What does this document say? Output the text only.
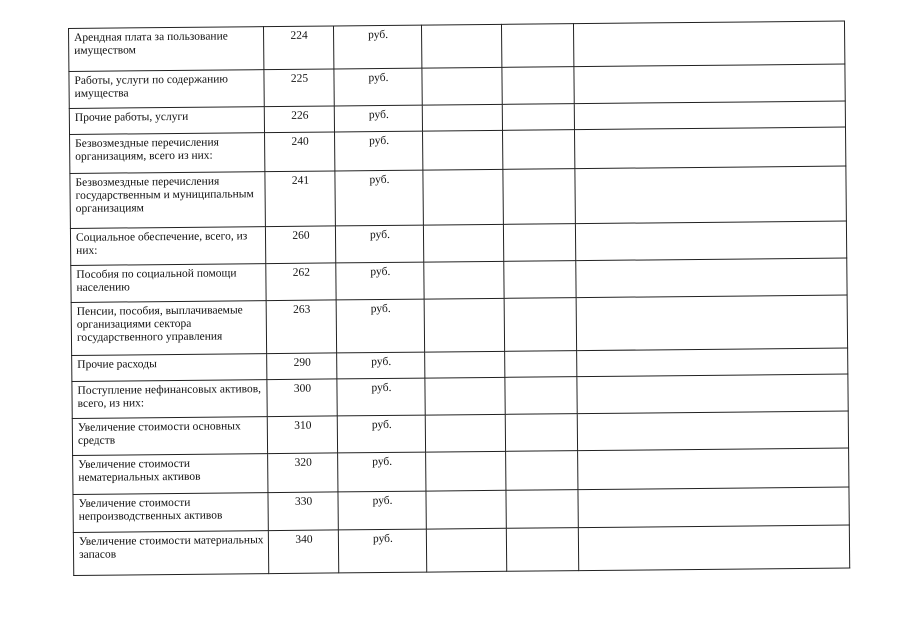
Арендная плата за пользование имуществом	224	руб.			
Работы, услуги по содержанию имущества	225	руб.			
Прочие работы, услуги	226	руб.			
Безвозмездные перечисления организациям, всего из них:	240	руб.			
Безвозмездные перечисления государственным и муниципальным организациям	241	руб.			
Социальное обеспечение, всего, из них:	260	руб.			
Пособия по социальной помощи населению	262	руб.			
Пенсии, пособия, выплачиваемые организациями сектора государственного управления	263	руб.			
Прочие расходы	290	руб.			
Поступление нефинансовых активов, всего, из них:	300	руб.			
Увеличение стоимости основных средств	310	руб.			
Увеличение стоимости нематериальных активов	320	руб.			
Увеличение стоимости непроизводственных активов	330	руб.			
Увеличение стоимости материальных запасов	340	руб.			
